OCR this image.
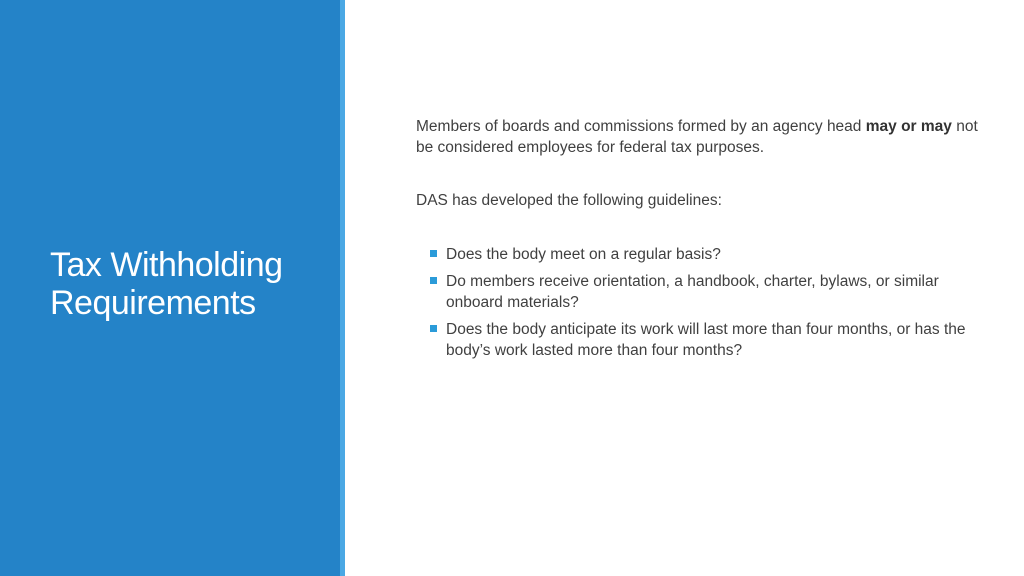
Tax Withholding Requirements

Members of boards and commissions formed by an agency head may or may not be considered employees for federal tax purposes.

DAS has developed the following guidelines:

Does the body meet on a regular basis?
Do members receive orientation, a handbook, charter, bylaws, or similar onboard materials?
Does the body anticipate its work will last more than four months, or has the body’s work lasted more than four months?
